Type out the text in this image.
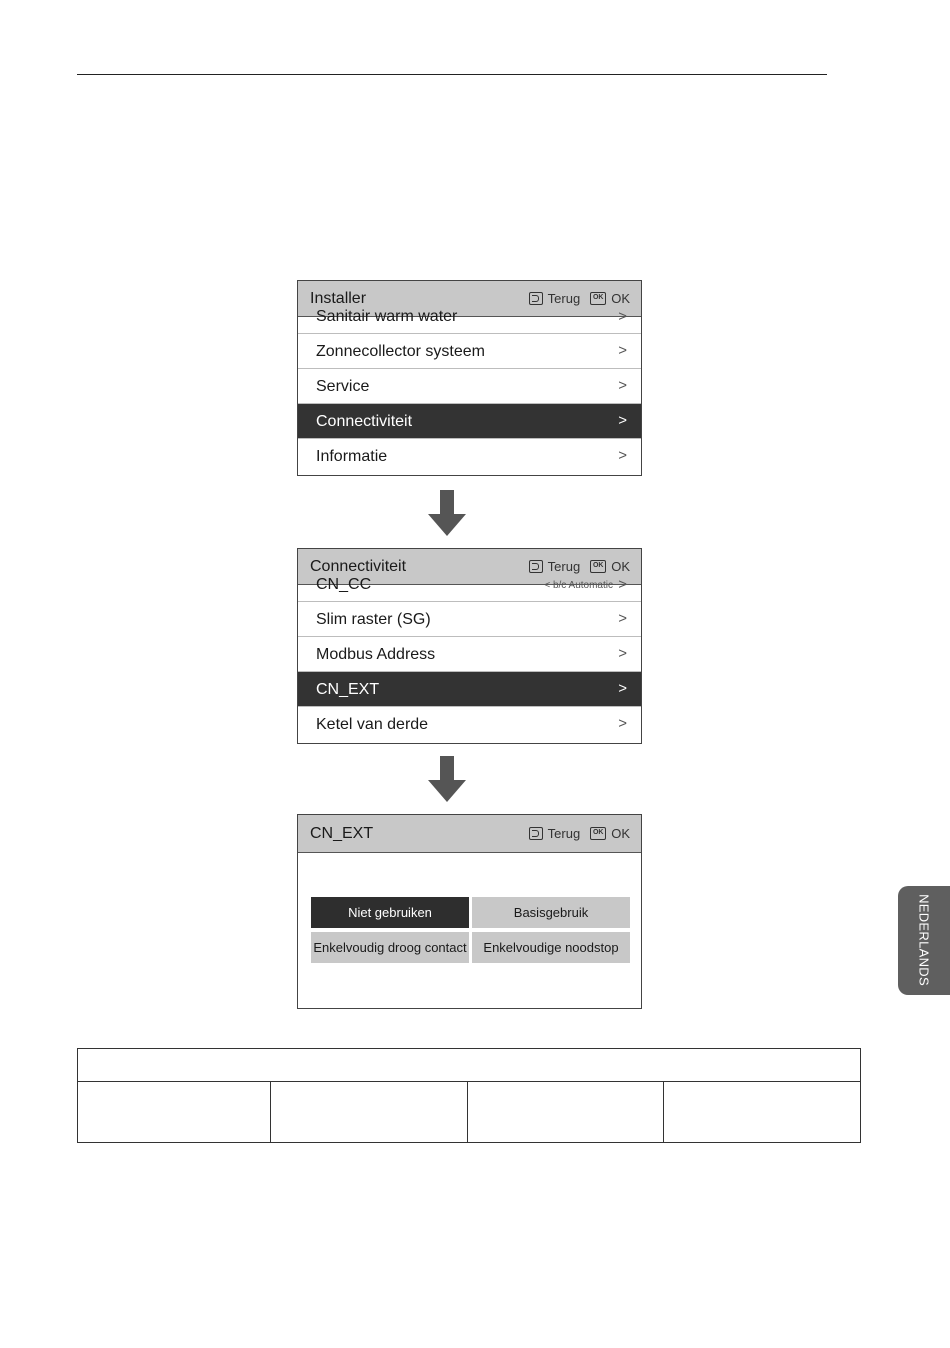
Installer	Terug	OK OK
Sanitair warm water	>
Zonnecollector systeem	>
Service	>
Connectiviteit	>
Informatie	>
Connectiviteit	Terug	OK OK
CN_CC	< b/c Automatic >
Slim raster (SG)	>
Modbus Address	>
CN_EXT	>
Ketel van derde	>
CN_EXT	Terug	OK OK
Niet gebruiken	Basisgebruik
Enkelvoudig droog contact	Enkelvoudige noodstop	NEDERLANDS
